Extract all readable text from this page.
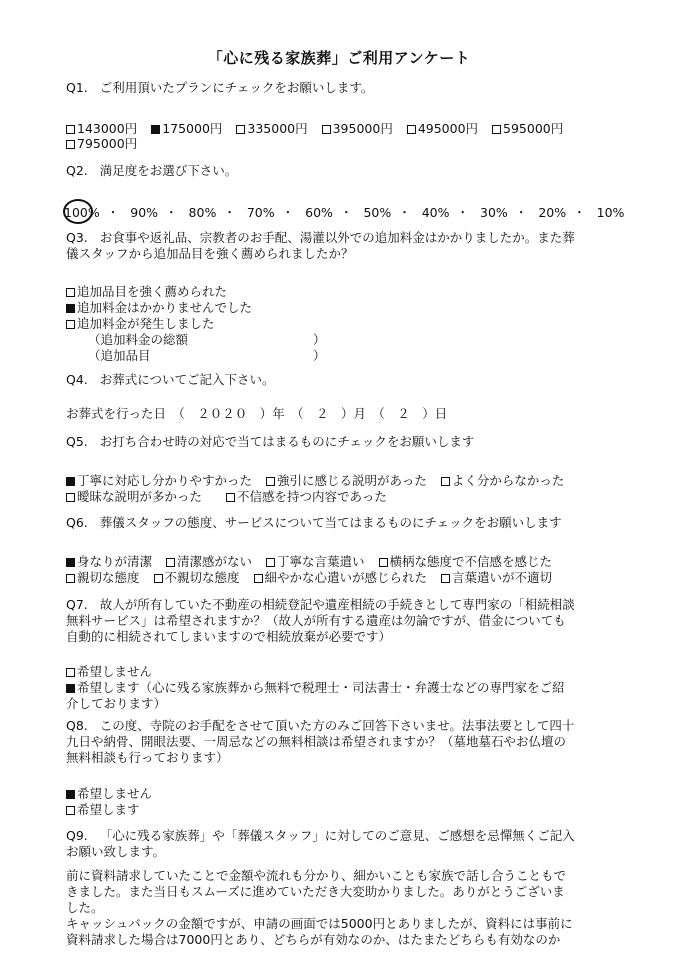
「心に残る家族葬」ご利用アンケート
Q1. ご利用頂いたプランにチェックをお願いします。
143000円 175000円 335000円 395000円 495000円 595000円
795000円
Q2. 満足度をお選び下さい。
100% ・ 90% ・ 80% ・ 70% ・ 60% ・ 50% ・ 40% ・ 30% ・ 20% ・ 10%
Q3. お食事や返礼品、宗教者のお手配、湯灌以外での追加料金はかかりましたか。また葬
儀スタッフから追加品目を強く薦められましたか？
追加品目を強く薦められた
追加料金はかかりませんでした
追加料金が発生しました
（追加料金の総額　　　　　　　　　　）
（追加品目　　　　　　　　　　　　　）
Q4. お葬式についてご記入下さい。
お葬式を行った日　（　２０２０　）年　（　２　）月　（　２　）日
Q5. お打ち合わせ時の対応で当てはまるものにチェックをお願いします
丁寧に対応し分かりやすかった 強引に感じる説明があった よく分からなかった
曖昧な説明が多かった	不信感を持つ内容であった
Q6. 葬儀スタッフの態度、サービスについて当てはまるものにチェックをお願いします
身なりが清潔 清潔感がない 丁寧な言葉遣い 横柄な態度で不信感を感じた
親切な態度 不親切な態度 細やかな心遣いが感じられた 言葉遣いが不適切
Q7. 故人が所有していた不動産の相続登記や遺産相続の手続きとして専門家の「相続相談
無料サービス」は希望されますか？（故人が所有する遺産は勿論ですが、借金についても
自動的に相続されてしまいますので相続放棄が必要です）
希望しません
希望します（心に残る家族葬から無料で税理士・司法書士・弁護士などの専門家をご紹
介しております）
Q8. この度、寺院のお手配をさせて頂いた方のみご回答下さいませ。法事法要として四十
九日や納骨、開眼法要、一周忌などの無料相談は希望されますか？（墓地墓石やお仏壇の
無料相談も行っております）
希望しません
希望します
Q9. 「心に残る家族葬」や「葬儀スタッフ」に対してのご意見、ご感想を忌憚無くご記入
お願い致します。
前に資料請求していたことで金額や流れも分かり、細かいことも家族で話し合うこともで
きました。また当日もスムーズに進めていただき大変助かりました。ありがとうございま
した。
キャッシュバックの金額ですが、申請の画面では5000円とありましたが、資料には事前に
資料請求した場合は7000円とあり、どちらが有効なのか、はたまたどちらも有効なのか
